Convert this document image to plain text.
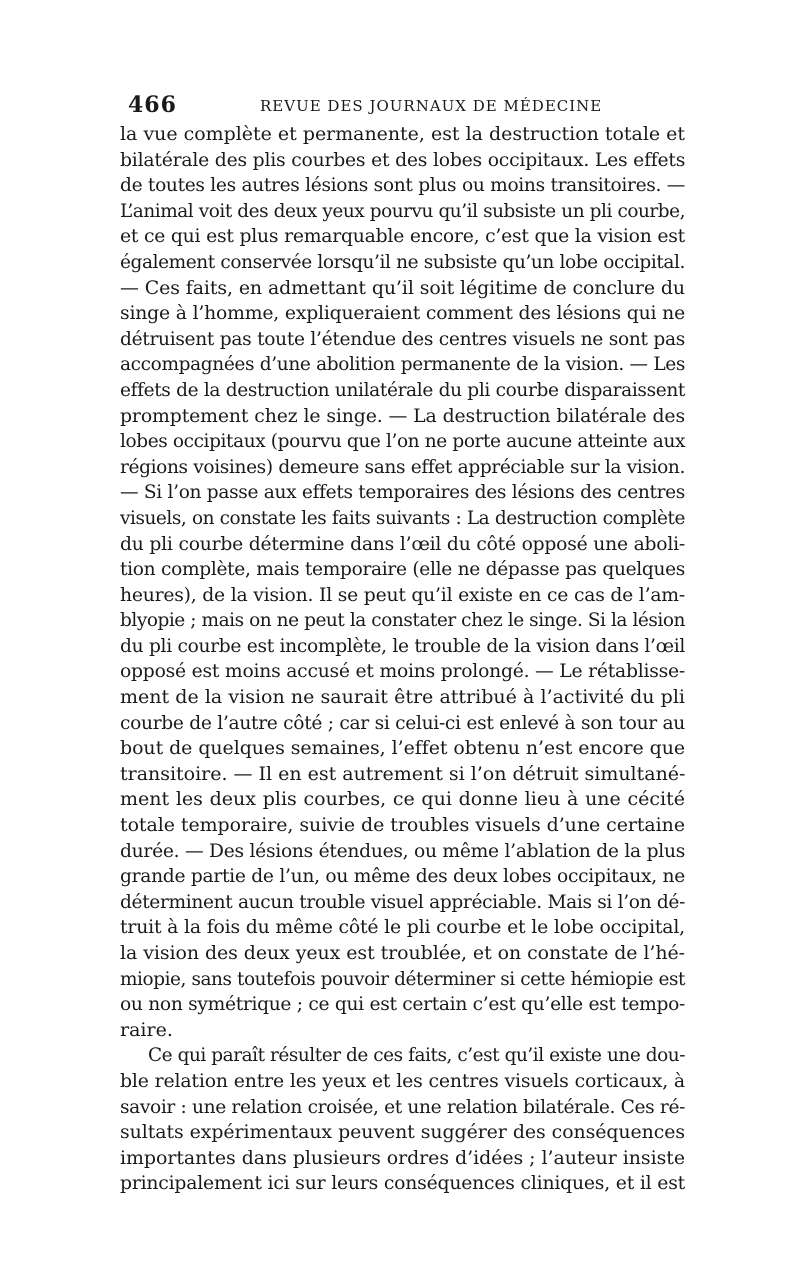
466	REVUE DES JOURNAUX DE MÉDECINE
la vue complète et permanente, est la destruction totale et
bilatérale des plis courbes et des lobes occipitaux. Les effets
de toutes les autres lésions sont plus ou moins transitoires. —
L’animal voit des deux yeux pourvu qu’il subsiste un pli courbe,
et ce qui est plus remarquable encore, c’est que la vision est
également conservée lorsqu’il ne subsiste qu’un lobe occipital.
— Ces faits, en admettant qu’il soit légitime de conclure du
singe à l’homme, expliqueraient comment des lésions qui ne
détruisent pas toute l’étendue des centres visuels ne sont pas
accompagnées d’une abolition permanente de la vision. — Les
effets de la destruction unilatérale du pli courbe disparaissent
promptement chez le singe. — La destruction bilatérale des
lobes occipitaux (pourvu que l’on ne porte aucune atteinte aux
régions voisines) demeure sans effet appréciable sur la vision.
— Si l’on passe aux effets temporaires des lésions des centres
visuels, on constate les faits suivants : La destruction complète
du pli courbe détermine dans l’œil du côté opposé une aboli-
tion complète, mais temporaire (elle ne dépasse pas quelques
heures), de la vision. Il se peut qu’il existe en ce cas de l’am-
blyopie ; mais on ne peut la constater chez le singe. Si la lésion
du pli courbe est incomplète, le trouble de la vision dans l’œil
opposé est moins accusé et moins prolongé. — Le rétablisse-
ment de la vision ne saurait être attribué à l’activité du pli
courbe de l’autre côté ; car si celui-ci est enlevé à son tour au
bout de quelques semaines, l’effet obtenu n’est encore que
transitoire. — Il en est autrement si l’on détruit simultané-
ment les deux plis courbes, ce qui donne lieu à une cécité
totale temporaire, suivie de troubles visuels d’une certaine
durée. — Des lésions étendues, ou même l’ablation de la plus
grande partie de l’un, ou même des deux lobes occipitaux, ne
déterminent aucun trouble visuel appréciable. Mais si l’on dé-
truit à la fois du même côté le pli courbe et le lobe occipital,
la vision des deux yeux est troublée, et on constate de l’hé-
miopie, sans toutefois pouvoir déterminer si cette hémiopie est
ou non symétrique ; ce qui est certain c’est qu’elle est tempo-
raire.
Ce qui paraît résulter de ces faits, c’est qu’il existe une dou-
ble relation entre les yeux et les centres visuels corticaux, à
savoir : une relation croisée, et une relation bilatérale. Ces ré-
sultats expérimentaux peuvent suggérer des conséquences
importantes dans plusieurs ordres d’idées ; l’auteur insiste
principalement ici sur leurs conséquences cliniques, et il est
